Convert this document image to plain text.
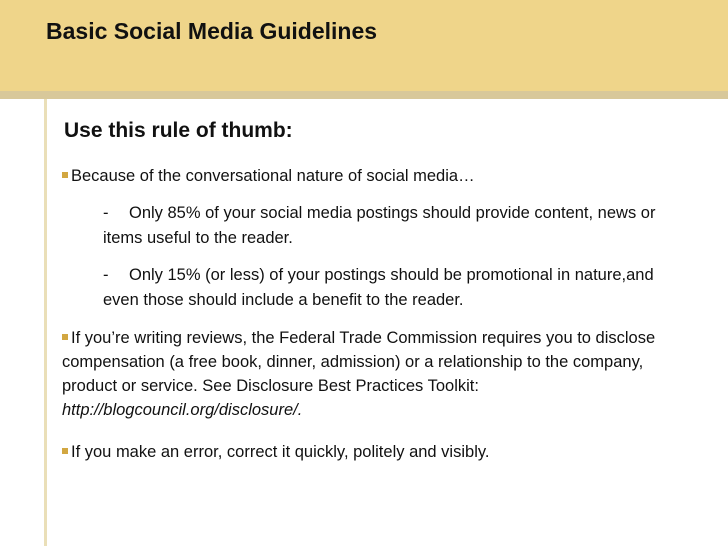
Basic Social Media Guidelines
Use this rule of thumb:

Because of the conversational nature of social media…

- Only 85% of your social media postings should provide content, news or items useful to the reader.

- Only 15% (or less) of your postings should be promotional in nature,and even those should include a benefit to the reader.

If you’re writing reviews, the Federal Trade Commission requires you to disclose compensation (a free book, dinner, admission) or a relationship to the company, product or service. See Disclosure Best Practices Toolkit: http://blogcouncil.org/disclosure/.

If you make an error, correct it quickly, politely and visibly.
